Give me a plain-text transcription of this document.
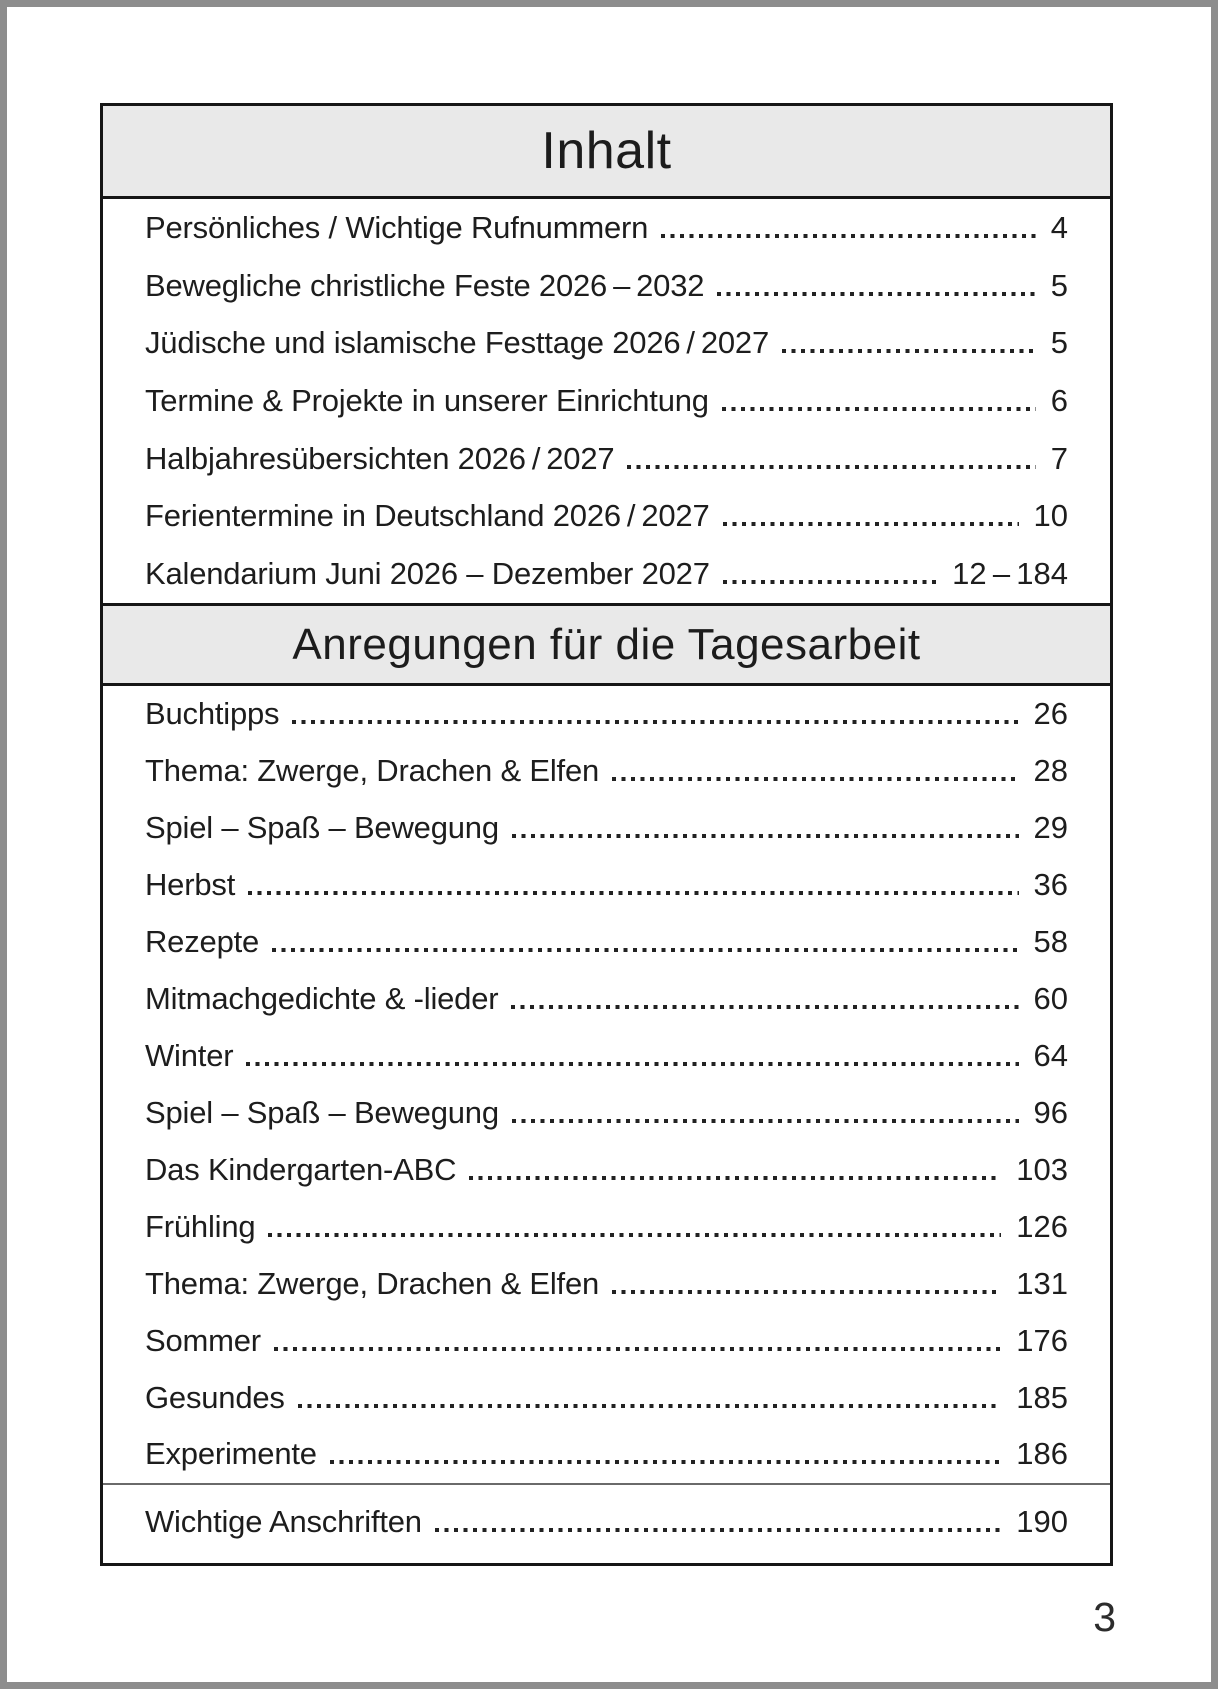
Inhalt
Persönliches / Wichtige Rufnummern	4
Bewegliche christliche Feste 2026 – 2032	5
Jüdische und islamische Festtage 2026 / 2027	5
Termine & Projekte in unserer Einrichtung	6
Halbjahresübersichten 2026 / 2027	7
Ferientermine in Deutschland 2026 / 2027	10
Kalendarium Juni 2026 – Dezember 2027	12 – 184
Anregungen für die Tagesarbeit
Buchtipps	26
Thema: Zwerge, Drachen & Elfen	28
Spiel – Spaß – Bewegung	29
Herbst	36
Rezepte	58
Mitmachgedichte & -lieder	60
Winter	64
Spiel – Spaß – Bewegung	96
Das Kindergarten-ABC	103
Frühling	126
Thema: Zwerge, Drachen & Elfen	131
Sommer	176
Gesundes	185
Experimente	186
Wichtige Anschriften	190
3
